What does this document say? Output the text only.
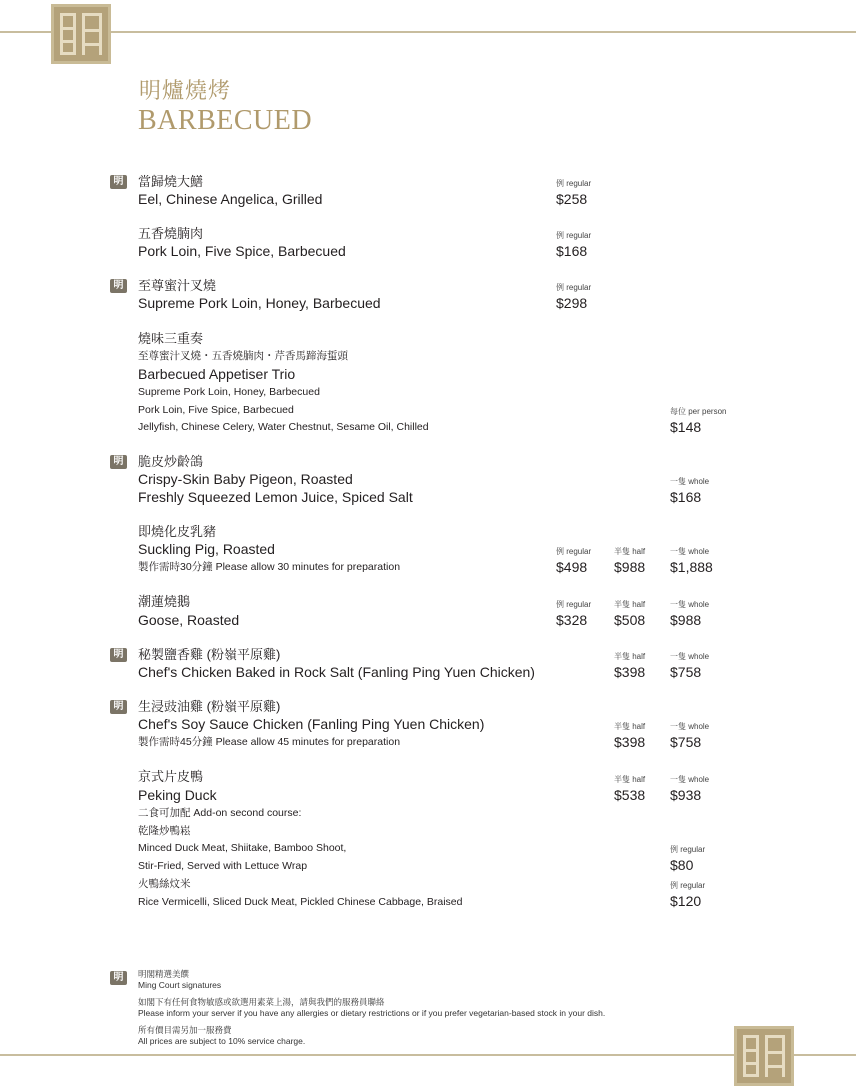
明爐燒烤
BARBECUED
明 當歸燒大鱔
Eel, Chinese Angelica, Grilled
例 regular
$258
五香燒腩肉
Pork Loin, Five Spice, Barbecued
例 regular
$168
明 至尊蜜汁叉燒
Supreme Pork Loin, Honey, Barbecued
例 regular
$298
燒味三重奏
至尊蜜汁叉燒・五香燒腩肉・芹香馬蹄海蜇頭
Barbecued Appetiser Trio
Supreme Pork Loin, Honey, Barbecued
Pork Loin, Five Spice, Barbecued
Jellyfish, Chinese Celery, Water Chestnut, Sesame Oil, Chilled
每位 per person
$148
明 脆皮炒齡鴿
Crispy-Skin Baby Pigeon, Roasted
Freshly Squeezed Lemon Juice, Spiced Salt
一隻 whole
$168
即燒化皮乳豬
Suckling Pig, Roasted
製作需時30分鐘 Please allow 30 minutes for preparation
例 regular
$498
半隻 half
$988
一隻 whole
$1,888
潮蓮燒鵝
Goose, Roasted
例 regular
$328
半隻 half
$508
一隻 whole
$988
明 秘製鹽香雞 (粉嶺平原雞)
Chef's Chicken Baked in Rock Salt (Fanling Ping Yuen Chicken)
半隻 half
$398
一隻 whole
$758
明 生浸豉油雞 (粉嶺平原雞)
Chef's Soy Sauce Chicken (Fanling Ping Yuen Chicken)
製作需時45分鐘 Please allow 45 minutes for preparation
半隻 half
$398
一隻 whole
$758
京式片皮鴨
Peking Duck
半隻 half
$538
一隻 whole
$938
二食可加配 Add-on second course:
乾隆炒鴨崧
Minced Duck Meat, Shiitake, Bamboo Shoot,
Stir-Fried, Served with Lettuce Wrap
例 regular
$80
火鴨絲炆米
Rice Vermicelli, Sliced Duck Meat, Pickled Chinese Cabbage, Braised
例 regular
$120
明	明閣精選美饌
Ming Court signatures
如閣下有任何食物敏感或欲選用素菜上湯，請與我們的服務員聯絡
Please inform your server if you have any allergies or dietary restrictions or if you prefer vegetarian-based stock in your dish.
所有價目需另加一服務費
All prices are subject to 10% service charge.
